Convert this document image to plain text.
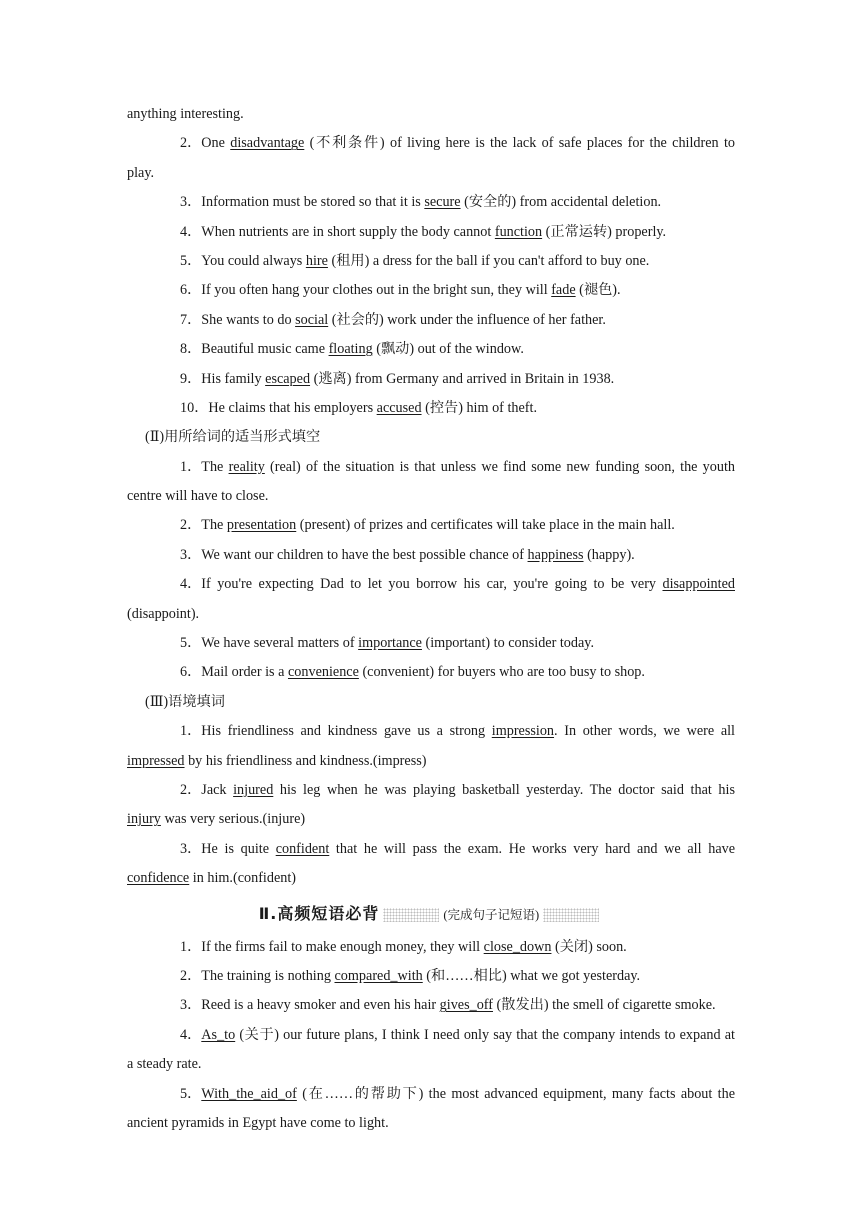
anything interesting.
2．One disadvantage (不利条件) of living here is the lack of safe places for the children to
play.
3．Information must be stored so that it is secure (安全的) from accidental deletion.
4．When nutrients are in short supply the body cannot function (正常运转) properly.
5．You could always hire (租用) a dress for the ball if you can't afford to buy one.
6．If you often hang your clothes out in the bright sun, they will fade (褪色).
7．She wants to do social (社会的) work under the influence of her father.
8．Beautiful music came floating (飘动) out of the window.
9．His family escaped (逃离) from Germany and arrived in Britain in 1938.
10．He claims that his employers accused (控告) him of theft.
(Ⅱ)用所给词的适当形式填空
1．The reality (real) of the situation is that unless we find some new funding soon, the youth
centre will have to close.
2．The presentation (present) of prizes and certificates will take place in the main hall.
3．We want our children to have the best possible chance of happiness (happy).
4．If you're expecting Dad to let you borrow his car, you're going to be very disappointed
(disappoint).
5．We have several matters of importance (important) to consider today.
6．Mail order is a convenience (convenient) for buyers who are too busy to shop.
(Ⅲ)语境填词
1．His friendliness and kindness gave us a strong impression. In other words, we were all
impressed by his friendliness and kindness.(impress)
2．Jack injured his leg when he was playing basketball yesterday. The doctor said that his
injury was very serious.(injure)
3．He is quite confident that he will pass the exam. He works very hard and we all have
confidence in him.(confident)
Ⅱ.高频短语必背	(完成句子记短语)
1．If the firms fail to make enough money, they will close_down (关闭) soon.
2．The training is nothing compared_with (和……相比) what we got yesterday.
3．Reed is a heavy smoker and even his hair gives_off (散发出) the smell of cigarette smoke.
4．As_to (关于) our future plans, I think I need only say that the company intends to expand at
a steady rate.
5．With_the_aid_of (在……的帮助下) the most advanced equipment, many facts about the
ancient pyramids in Egypt have come to light.
